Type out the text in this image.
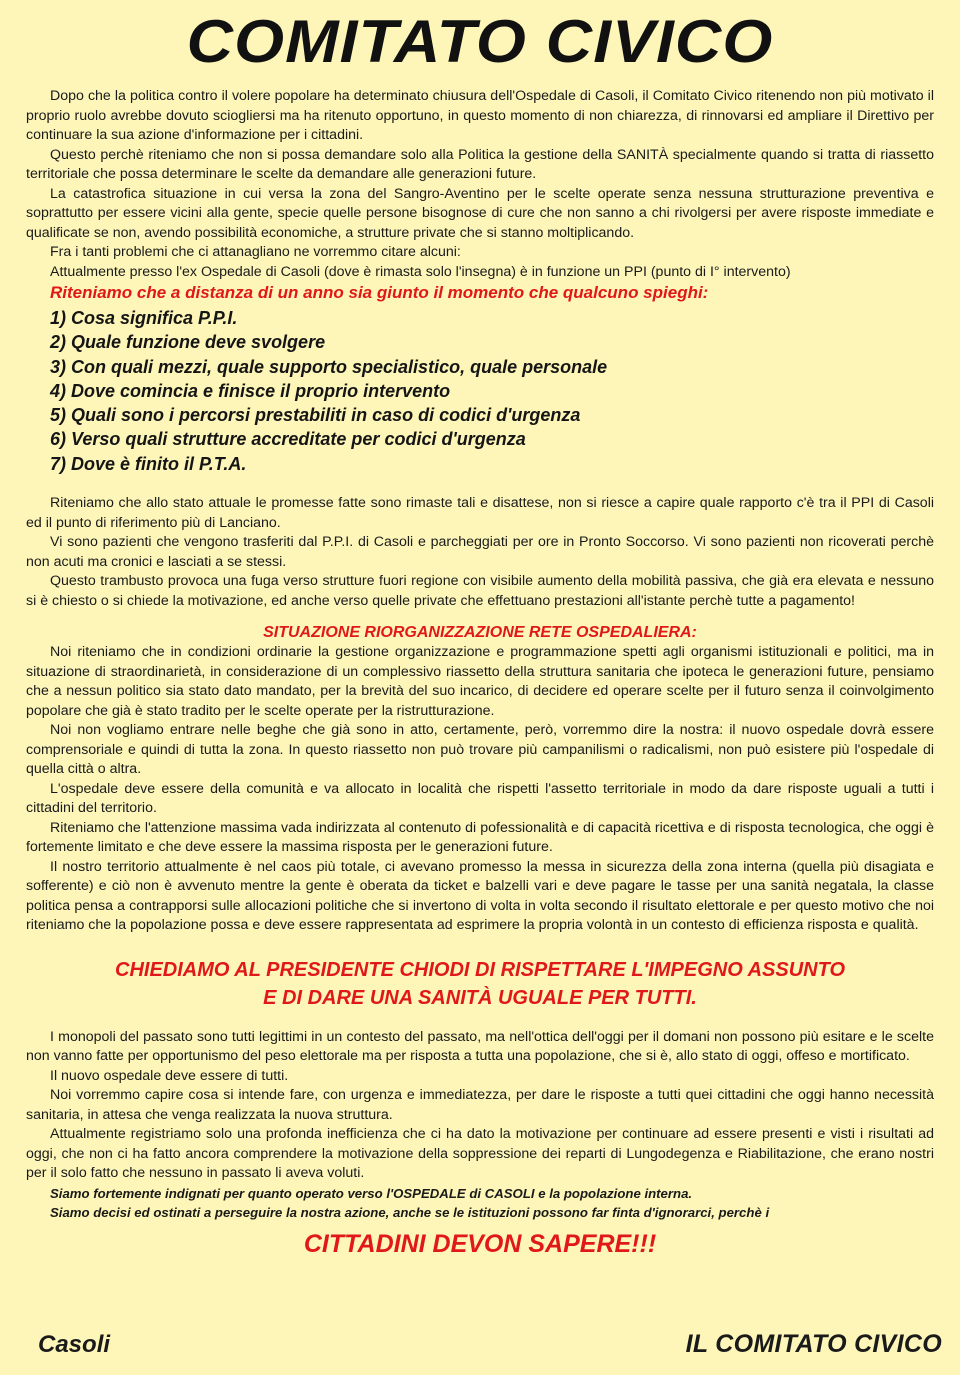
COMITATO CIVICO

Dopo che la politica contro il volere popolare ha determinato chiusura dell'Ospedale di Casoli, il Comitato Civico ritenendo non più motivato il proprio ruolo avrebbe dovuto sciogliersi ma ha ritenuto opportuno, in questo momento di non chiarezza, di rinnovarsi ed ampliare il Direttivo per continuare la sua azione d'informazione per i cittadini.

Questo perchè riteniamo che non si possa demandare solo alla Politica la gestione della SANITÀ specialmente quando si tratta di riassetto territoriale che possa determinare le scelte da demandare alle generazioni future.

La catastrofica situazione in cui versa la zona del Sangro-Aventino per le scelte operate senza nessuna strutturazione preventiva e soprattutto per essere vicini alla gente, specie quelle persone bisognose di cure che non sanno a chi rivolgersi per avere risposte immediate e qualificate se non, avendo possibilità economiche, a strutture private che si stanno moltiplicando.

Fra i tanti problemi che ci attanagliano ne vorremmo citare alcuni:

Attualmente presso l'ex Ospedale di Casoli (dove è rimasta solo l'insegna) è in funzione un PPI (punto di I° intervento)

Riteniamo che a distanza di un anno sia giunto il momento che qualcuno spieghi:

1) Cosa significa P.P.I.
2) Quale funzione deve svolgere
3) Con quali mezzi, quale supporto specialistico, quale personale
4) Dove comincia e finisce il proprio intervento
5) Quali sono i percorsi prestabiliti in caso di codici d'urgenza
6) Verso quali strutture accreditate per codici d'urgenza
7) Dove è finito il P.T.A.

Riteniamo che allo stato attuale le promesse fatte sono rimaste tali e disattese, non si riesce a capire quale rapporto c'è tra il PPI di Casoli ed il punto di riferimento più di Lanciano.

Vi sono pazienti che vengono trasferiti dal P.P.I. di Casoli e parcheggiati per ore in Pronto Soccorso. Vi sono pazienti non ricoverati perchè non acuti ma cronici e lasciati a se stessi.

Questo trambusto provoca una fuga verso strutture fuori regione con visibile aumento della mobilità passiva, che già era elevata e nessuno si è chiesto o si chiede la motivazione, ed anche verso quelle private che effettuano prestazioni all'istante perchè tutte a pagamento!

SITUAZIONE RIORGANIZZAZIONE RETE OSPEDALIERA:

Noi riteniamo che in condizioni ordinarie la gestione organizzazione e programmazione spetti agli organismi istituzionali e politici, ma in situazione di straordinarietà, in considerazione di un complessivo riassetto della struttura sanitaria che ipoteca le generazioni future, pensiamo che a nessun politico sia stato dato mandato, per la brevità del suo incarico, di decidere ed operare scelte per il futuro senza il coinvolgimento popolare che già è stato tradito per le scelte operate per la ristrutturazione.

Noi non vogliamo entrare nelle beghe che già sono in atto, certamente, però, vorremmo dire la nostra: il nuovo ospedale dovrà essere comprensoriale e quindi di tutta la zona. In questo riassetto non può trovare più campanilismi o radicalismi, non può esistere più l'ospedale di quella città o altra.

L'ospedale deve essere della comunità e va allocato in località che rispetti l'assetto territoriale in modo da dare risposte uguali a tutti i cittadini del territorio.

Riteniamo che l'attenzione massima vada indirizzata al contenuto di pofessionalità e di capacità ricettiva e di risposta tecnologica, che oggi è fortemente limitato e che deve essere la massima risposta per le generazioni future.

Il nostro territorio attualmente è nel caos più totale, ci avevano promesso la messa in sicurezza della zona interna (quella più disagiata e sofferente) e ciò non è avvenuto mentre la gente è oberata da ticket e balzelli vari e deve pagare le tasse per una sanità negatala, la classe politica pensa a contrapporsi sulle allocazioni politiche che si invertono di volta in volta secondo il risultato elettorale e per questo motivo che noi riteniamo che la popolazione possa e deve essere rappresentata ad esprimere la propria volontà in un contesto di efficienza risposta e qualità.

CHIEDIAMO AL PRESIDENTE CHIODI DI RISPETTARE L'IMPEGNO ASSUNTO
E DI DARE UNA SANITÀ UGUALE PER TUTTI.

I monopoli del passato sono tutti legittimi in un contesto del passato, ma nell'ottica dell'oggi per il domani non possono più esitare e le scelte non vanno fatte per opportunismo del peso elettorale ma per risposta a tutta una popolazione, che si è, allo stato di oggi, offeso e mortificato.

Il nuovo ospedale deve essere di tutti.

Noi vorremmo capire cosa si intende fare, con urgenza e immediatezza, per dare le risposte a tutti quei cittadini che oggi hanno necessità sanitaria, in attesa che venga realizzata la nuova struttura.

Attualmente registriamo solo una profonda inefficienza che ci ha dato la motivazione per continuare ad essere presenti e visti i risultati ad oggi, che non ci ha fatto ancora comprendere la motivazione della soppressione dei reparti di Lungodegenza e Riabilitazione, che erano nostri per il solo fatto che nessuno in passato li aveva voluti.

Siamo fortemente indignati per quanto operato verso l'OSPEDALE di CASOLI e la popolazione interna.

Siamo decisi ed ostinati a perseguire la nostra azione, anche se le istituzioni possono far finta d'ignorarci, perchè i

CITTADINI DEVON SAPERE!!!
Casoli	IL COMITATO CIVICO
